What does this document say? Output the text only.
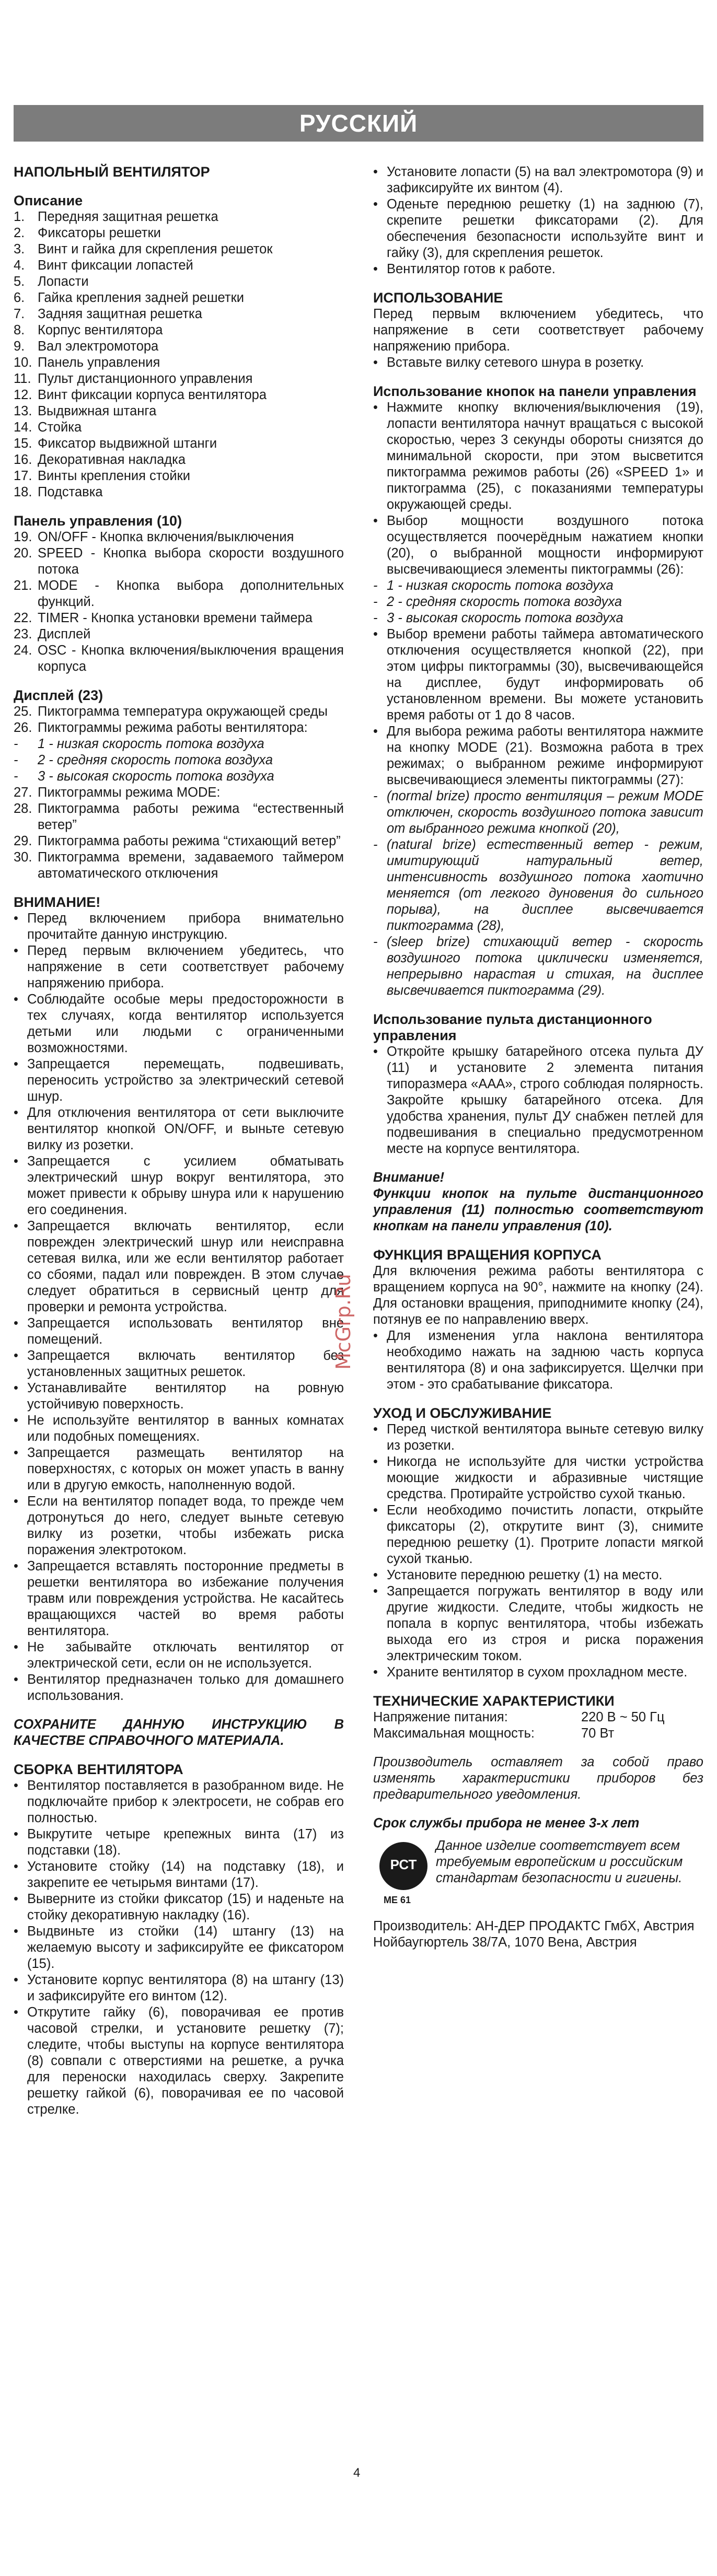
РУССКИЙ
НАПОЛЬНЫЙ ВЕНТИЛЯТОР
Описание
1. Передняя защитная решетка
2. Фиксаторы решетки
3. Винт и гайка для скрепления решеток
4. Винт фиксации лопастей
5. Лопасти
6. Гайка крепления задней решетки
7. Задняя защитная решетка
8. Корпус вентилятора
9. Вал электромотора
10. Панель управления
11. Пульт дистанционного управления
12. Винт фиксации корпуса вентилятора
13. Выдвижная штанга
14. Стойка
15. Фиксатор выдвижной штанги
16. Декоративная накладка
17. Винты крепления стойки
18. Подставка
Панель управления (10)
19. ON/OFF - Кнопка включения/выключения
20. SPEED - Кнопка выбора скорости воздушного потока
21. MODE - Кнопка выбора дополнительных функций.
22. TIMER - Кнопка установки времени таймера
23. Дисплей
24. OSC - Кнопка включения/выключения вращения корпуса
Дисплей (23)
25. Пиктограмма температура окружающей среды
26. Пиктограммы режима работы вентилятора:
-	1 - низкая скорость потока воздуха
-	2 - средняя скорость потока воздуха
-	3 - высокая скорость потока воздуха
27. Пиктограммы режима MODE:
28. Пиктограмма работы режима “естественный ветер”
29. Пиктограмма работы режима “стихающий ветер”
30. Пиктограмма времени, задаваемого таймером автоматического отключения
ВНИМАНИЕ!
• Перед включением прибора внимательно прочитайте данную инструкцию.
• Перед первым включением убедитесь, что напряжение в сети соответствует рабочему напряжению прибора.
• Соблюдайте особые меры предосторожности в тех случаях, когда вентилятор используется детьми или людьми с ограниченными возможностями.
• Запрещается перемещать, подвешивать, переносить устройство за электрический сетевой шнур.
• Для отключения вентилятора от сети выключите вентилятор кнопкой ON/OFF, и выньте сетевую вилку из розетки.
• Запрещается с усилием обматывать электрический шнур вокруг вентилятора, это может привести к обрыву шнура или к нарушению его соединения.
• Запрещается включать вентилятор, если поврежден электрический шнур или неисправна сетевая вилка, или же если вентилятор работает со сбоями, падал или поврежден. В этом случае следует обратиться в сервисный центр для проверки и ремонта устройства.
• Запрещается использовать вентилятор вне помещений.
• Запрещается включать вентилятор без установленных защитных решеток.
• Устанавливайте вентилятор на ровную устойчивую поверхность.
• Не используйте вентилятор в ванных комнатах или подобных помещениях.
• Запрещается размещать вентилятор на поверхностях, с которых он может упасть в ванну или в другую емкость, наполненную водой.
• Если на вентилятор попадет вода, то прежде чем дотронуться до него, следует выньте сетевую вилку из розетки, чтобы избежать риска поражения электротоком.
• Запрещается вставлять посторонние предметы в решетки вентилятора во избежание получения травм или повреждения устройства. Не касайтесь вращающихся частей во время работы вентилятора.
• Не забывайте отключать вентилятор от электрической сети, если он не используется.
• Вентилятор предназначен только для домашнего использования.
СОХРАНИТЕ ДАННУЮ ИНСТРУКЦИЮ В КАЧЕСТВЕ СПРАВОЧНОГО МАТЕРИАЛА.
СБОРКА ВЕНТИЛЯТОРА
• Вентилятор поставляется в разобранном виде. Не подключайте прибор к электросети, не собрав его полностью.
• Выкрутите четыре крепежных винта (17) из подставки (18).
• Установите стойку (14) на подставку (18), и закрепите ее четырьмя винтами (17).
• Выверните из стойки фиксатор (15) и наденьте на стойку декоративную накладку (16).
• Выдвиньте из стойки (14) штангу (13) на желаемую высоту и зафиксируйте ее фиксатором (15).
• Установите корпус вентилятора (8) на штангу (13) и зафиксируйте его винтом (12).
• Открутите гайку (6), поворачивая ее против часовой стрелки, и установите решетку (7); следите, чтобы выступы на корпусе вентилятора (8) совпали с отверстиями на решетке, а ручка для переноски находилась сверху. Закрепите решетку гайкой (6), поворачивая ее по часовой стрелке.
• Установите лопасти (5) на вал электромотора (9) и зафиксируйте их винтом (4).
• Оденьте переднюю решетку (1) на заднюю (7), скрепите решетки фиксаторами (2). Для обеспечения безопасности используйте винт и гайку (3), для скрепления решеток.
• Вентилятор готов к работе.
ИСПОЛЬЗОВАНИЕ
Перед первым включением убедитесь, что напряжение в сети соответствует рабочему напряжению прибора.
• Вставьте вилку сетевого шнура в розетку.
Использование кнопок на панели управления
• Нажмите кнопку включения/выключения (19), лопасти вентилятора начнут вращаться с высокой скоростью, через 3 секунды обороты снизятся до минимальной скорости, при этом высветится пиктограмма режимов работы (26) «SPEED 1» и пиктограмма (25), с показаниями температуры окружающей среды.
• Выбор мощности воздушного потока осуществляется поочерёдным нажатием кнопки (20), о выбранной мощности информируют высвечивающиеся элементы пиктограммы (26):
- 1 - низкая скорость потока воздуха
- 2 - средняя скорость потока воздуха
- 3 - высокая скорость потока воздуха
• Выбор времени работы таймера автоматического отключения осуществляется кнопкой (22), при этом цифры пиктограммы (30), высвечивающейся на дисплее, будут информировать об установленном времени. Вы можете установить время работы от 1 до 8 часов.
• Для выбора режима работы вентилятора нажмите на кнопку MODE (21). Возможна работа в трех режимах; о выбранном режиме информируют высвечивающиеся элементы пиктограммы (27):
- (normal brize) просто вентиляция – режим MODE отключен, скорость воздушного потока зависит от выбранного режима кнопкой (20),
- (natural brize) естественный ветер - режим, имитирующий натуральный ветер, интенсивность воздушного потока хаотично меняется (от легкого дуновения до сильного порыва), на дисплее высвечивается пиктограмма (28),
- (sleep brize) стихающий ветер - скорость воздушного потока циклически изменяется, непрерывно нарастая и стихая, на дисплее высвечивается пиктограмма (29).
Использование пульта дистанционного управления
• Откройте крышку батарейного отсека пульта ДУ (11) и установите 2 элемента питания типоразмера «AAA», строго соблюдая полярность. Закройте крышку батарейного отсека. Для удобства хранения, пульт ДУ снабжен петлей для подвешивания в специально предусмотренном месте на корпусе вентилятора.
Внимание!
Функции кнопок на пульте дистанционного управления (11) полностью соответствуют кнопкам на панели управления (10).
ФУНКЦИЯ ВРАЩЕНИЯ КОРПУСА
Для включения режима работы вентилятора с вращением корпуса на 90°, нажмите на кнопку (24). Для остановки вращения, приподнимите кнопку (24), потянув ее по направлению вверх.
• Для изменения угла наклона вентилятора необходимо нажать на заднюю часть корпуса вентилятора (8) и она зафиксируется. Щелчки при этом - это срабатывание фиксатора.
УХОД И ОБСЛУЖИВАНИЕ
• Перед чисткой вентилятора выньте сетевую вилку из розетки.
• Никогда не используйте для чистки устройства моющие жидкости и абразивные чистящие средства. Протирайте устройство сухой тканью.
• Если необходимо почистить лопасти, открыйте фиксаторы (2), открутите винт (3), снимите переднюю решетку (1). Протрите лопасти мягкой сухой тканью.
• Установите переднюю решетку (1) на место.
• Запрещается погружать вентилятор в воду или другие жидкости. Следите, чтобы жидкость не попала в корпус вентилятора, чтобы избежать выхода его из строя и риска поражения электрическим током.
• Храните вентилятор в сухом прохладном месте.
ТЕХНИЧЕСКИЕ ХАРАКТЕРИСТИКИ
Напряжение питания:	220 В ~ 50 Гц
Максимальная мощность:	70 Вт
Производитель оставляет за собой право изменять характеристики приборов без предварительного уведомления.
Срок службы прибора не менее 3-х лет
РСТ
ME 61
Данное изделие соответствует всем требуемым европейским и российским стандартам безопасности и гигиены.
Производитель: АН-ДЕР ПРОДАКТС ГмбХ, Австрия
Нойбаугюртель 38/7А, 1070 Вена, Австрия
McGrp.Ru
4
